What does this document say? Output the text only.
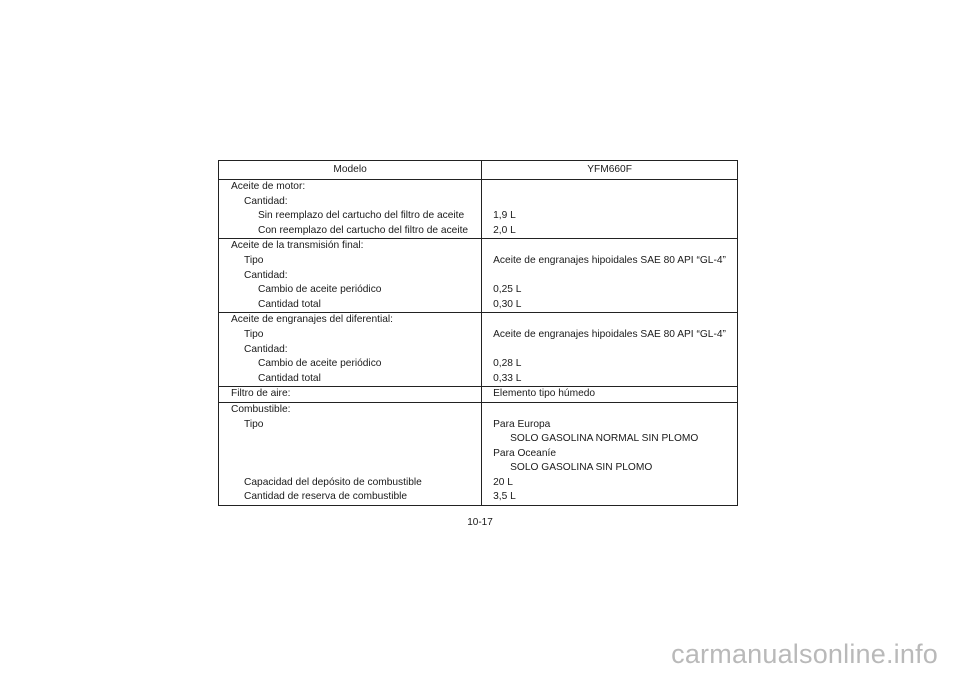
Modelo	YFM660F
Aceite de motor:	
Cantidad:	
Sin reemplazo del cartucho del filtro de aceite	1,9 L
Con reemplazo del cartucho del filtro de aceite	2,0 L
Aceite de la transmisión final:	
Tipo	Aceite de engranajes hipoidales SAE 80 API “GL-4”
Cantidad:	
Cambio de aceite periódico	0,25 L
Cantidad total	0,30 L
Aceite de engranajes del diferential:	
Tipo	Aceite de engranajes hipoidales SAE 80 API “GL-4”
Cantidad:	
Cambio de aceite periódico	0,28 L
Cantidad total	0,33 L
Filtro de aire:	Elemento tipo húmedo
Combustible:	
Tipo	Para Europa
	SOLO GASOLINA NORMAL SIN PLOMO
	Para Oceaníe
	SOLO GASOLINA SIN PLOMO
Capacidad del depósito de combustible	20 L
Cantidad de reserva de combustible	3,5 L
10-17
carmanualsonline.info
